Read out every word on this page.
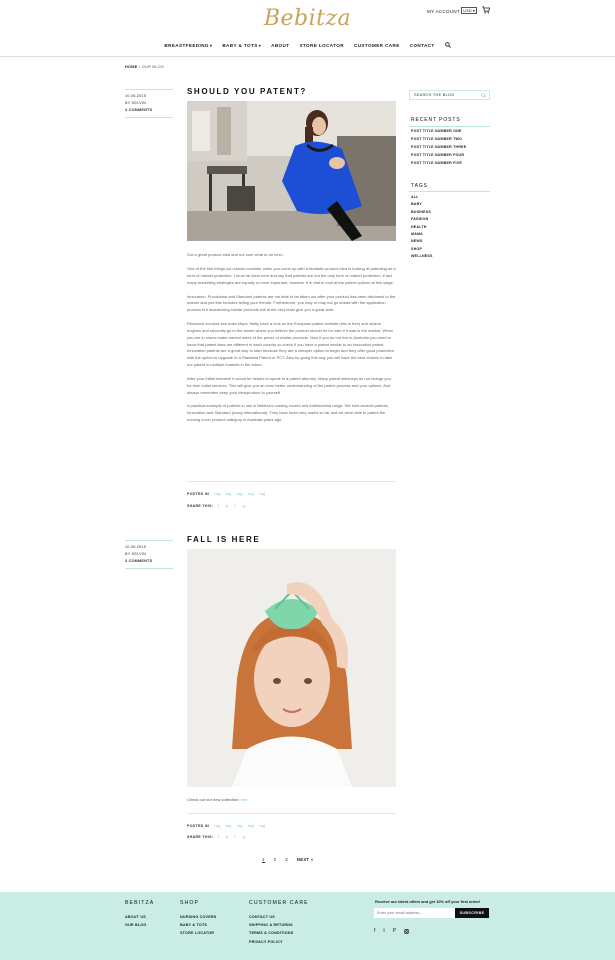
Bebitza	MY ACCOUNT USD ▾
BREASTFEEDING▾ BABY & TOTS▾ ABOUT STORE LOCATOR CUSTOMER CARE CONTACT
HOME / OUR BLOG
10.06.2015
BY KELVIN
3 COMMENTS
SHOULD YOU PATENT?

Got a great product idea and not sure what to do next...

One of the first things you should consider when you come up with a fantastic product idea is looking at patenting as a form of market protection. I must be clear here and say that patents are not the only form of market protection, if fact many marketing strategies are equally or more important, however it is vital to look at the patent options at this stage.

Innovation, Provisional and Standard patents are not able to be taken out after your product has been disclosed to the market and yes this includes telling your friends. Furthermore, you may or may not go ahead with the application process but researching similar products will at the very least give you a great start.

Research involves two main steps: firstly have a look on the European patent website (this is free) and search engines and secondly go to the stores where you believe the product should be for sale if it was in the market. When you are in stores make mental notes of the prices of similar products. Now if you do not live in Australia you need to know that patent laws are different in each country so check if you have a patent similar to an innovation patent. Innovation patents are a great way to start because they are a cheaper option to begin and they offer good protection with the option to upgrade to a Standard Patent or PCT. Also by going this way you will have the best chance to take our patent in multiple markets in the future.

After your initial research it would be helpful to speak to a patent attorney. Many patent attorneys do not charge you for their initial services. This will give you an even better understanding of the patent process and your options. And always remember keep your idea/product to yourself.

A practical example of patents in use is Bebitza's nursing covers and Antibacterial range. We hold several patents, Innovation and Standard (many international). They have been very useful so far and we were able to patent the nursing cover product category in Australia years ago.

POSTED IN tag tag tag tag tag
SHARE THIS: f p t g
10.06.2015
BY KELVIN
3 COMMENTS
FALL IS HERE

Check out our new collection here

POSTED IN tag tag tag tag tag
SHARE THIS: f p t g
SEARCH THE BLOG
RECENT POSTS
POST TITLE NUMBER ONE
POST TITLE NUMBER TWO
POST TITLE NUMBER THREE
POST TITLE NUMBER FOUR
POST TITLE NUMBER FIVE
TAGS
ALL
BABY
BUSINESS
FASHION
HEALTH
MAMA
NEWS
SHOP
WELLNESS
1 2 3 NEXT »
BEBITZA
ABOUT US
OUR BLOG
SHOP
NURSING COVERS
BABY & TOTS
STORE LOCATOR
CUSTOMER CARE
CONTACT US
SHIPPING & RETURNS
TERMS & CONDITIONS
PRIVACY POLICY
Receive our latest offers and get 10% off your first order!
Enter your email address...	SUBSCRIBE
f t P
